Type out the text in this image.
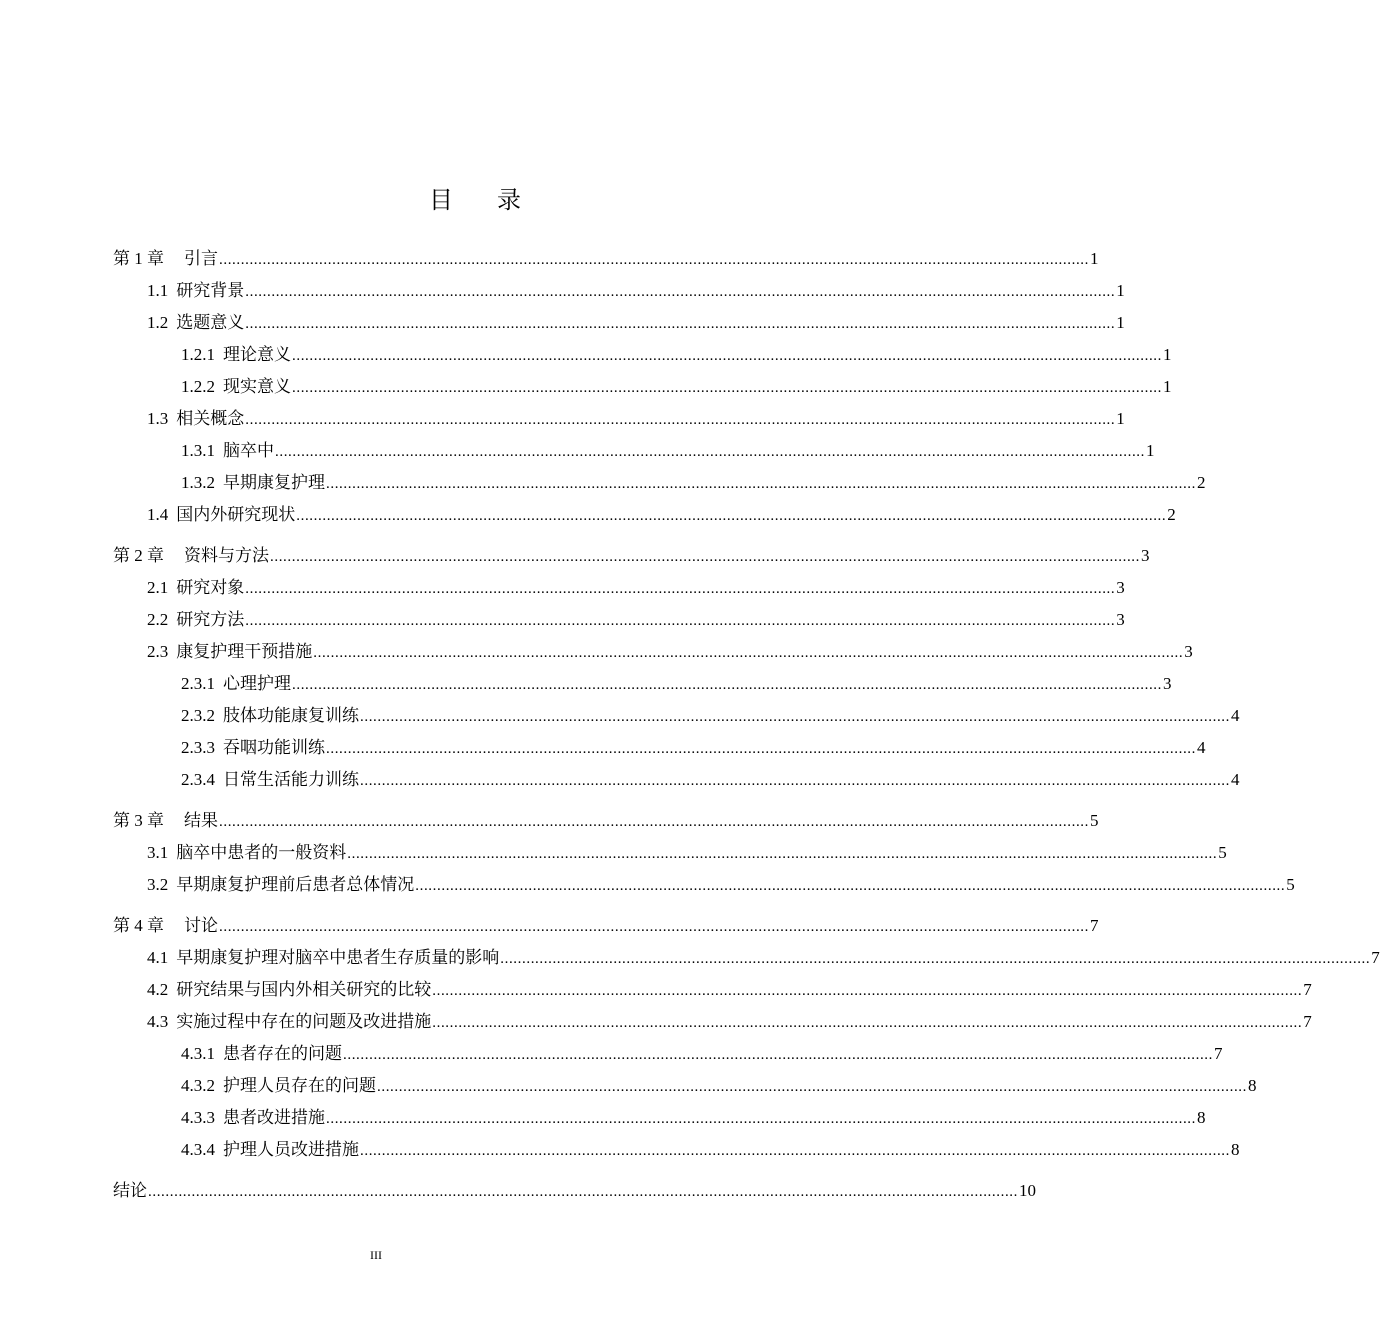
目 录
第 1 章 引言 ........................................................................................................................................................................................................ 1
1.1 研究背景 ........................................................................................................................................................................................................ 1
1.2 选题意义 ........................................................................................................................................................................................................ 1
1.2.1 理论意义 ........................................................................................................................................................................................................ 1
1.2.2 现实意义 ........................................................................................................................................................................................................ 1
1.3 相关概念 ........................................................................................................................................................................................................ 1
1.3.1 脑卒中 ........................................................................................................................................................................................................ 1
1.3.2 早期康复护理 ........................................................................................................................................................................................................ 2
1.4 国内外研究现状 ........................................................................................................................................................................................................ 2
第 2 章 资料与方法 ........................................................................................................................................................................................................ 3
2.1 研究对象 ........................................................................................................................................................................................................ 3
2.2 研究方法 ........................................................................................................................................................................................................ 3
2.3 康复护理干预措施 ........................................................................................................................................................................................................ 3
2.3.1 心理护理 ........................................................................................................................................................................................................ 3
2.3.2 肢体功能康复训练 ........................................................................................................................................................................................................ 4
2.3.3 吞咽功能训练 ........................................................................................................................................................................................................ 4
2.3.4 日常生活能力训练 ........................................................................................................................................................................................................ 4
第 3 章 结果 ........................................................................................................................................................................................................ 5
3.1 脑卒中患者的一般资料 ........................................................................................................................................................................................................ 5
3.2 早期康复护理前后患者总体情况 ........................................................................................................................................................................................................ 5
第 4 章 讨论 ........................................................................................................................................................................................................ 7
4.1 早期康复护理对脑卒中患者生存质量的影响 ........................................................................................................................................................................................................ 7
4.2 研究结果与国内外相关研究的比较 ........................................................................................................................................................................................................ 7
4.3 实施过程中存在的问题及改进措施 ........................................................................................................................................................................................................ 7
4.3.1 患者存在的问题 ........................................................................................................................................................................................................ 7
4.3.2 护理人员存在的问题 ........................................................................................................................................................................................................ 8
4.3.3 患者改进措施 ........................................................................................................................................................................................................ 8
4.3.4 护理人员改进措施 ........................................................................................................................................................................................................ 8
结论 ........................................................................................................................................................................................................ 10
III
